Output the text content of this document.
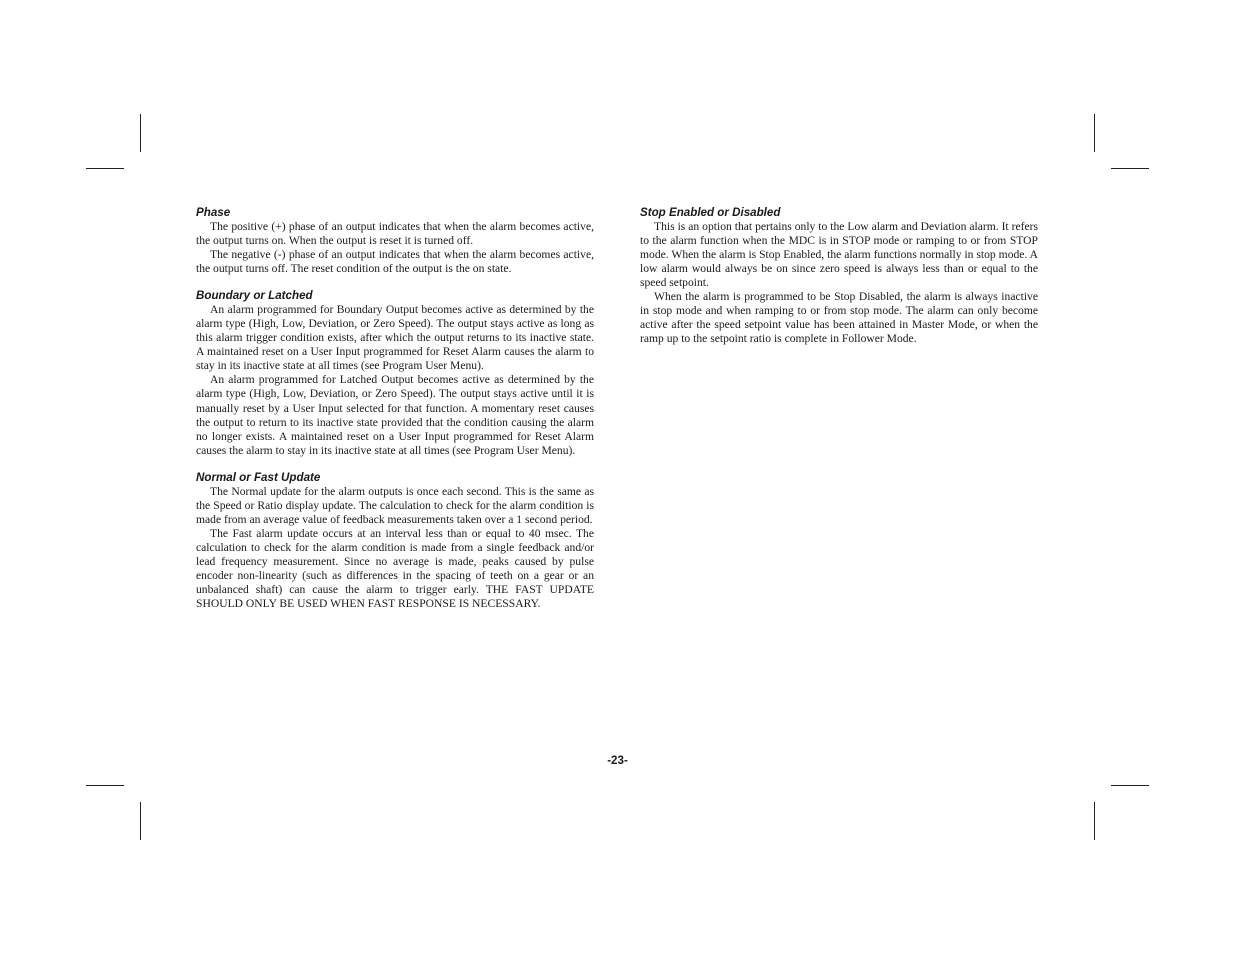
Phase

The positive (+) phase of an output indicates that when the alarm becomes active, the output turns on. When the output is reset it is turned off.

The negative (-) phase of an output indicates that when the alarm becomes active, the output turns off. The reset condition of the output is the on state.

Boundary or Latched

An alarm programmed for Boundary Output becomes active as determined by the alarm type (High, Low, Deviation, or Zero Speed). The output stays active as long as this alarm trigger condition exists, after which the output returns to its inactive state. A maintained reset on a User Input programmed for Reset Alarm causes the alarm to stay in its inactive state at all times (see Program User Menu).

An alarm programmed for Latched Output becomes active as determined by the alarm type (High, Low, Deviation, or Zero Speed). The output stays active until it is manually reset by a User Input selected for that function. A momentary reset causes the output to return to its inactive state provided that the condition causing the alarm no longer exists. A maintained reset on a User Input programmed for Reset Alarm causes the alarm to stay in its inactive state at all times (see Program User Menu).

Normal or Fast Update

The Normal update for the alarm outputs is once each second. This is the same as the Speed or Ratio display update. The calculation to check for the alarm condition is made from an average value of feedback measurements taken over a 1 second period.

The Fast alarm update occurs at an interval less than or equal to 40 msec. The calculation to check for the alarm condition is made from a single feedback and/or lead frequency measurement. Since no average is made, peaks caused by pulse encoder non-linearity (such as differences in the spacing of teeth on a gear or an unbalanced shaft) can cause the alarm to trigger early. THE FAST UPDATE SHOULD ONLY BE USED WHEN FAST RESPONSE IS NECESSARY.

Stop Enabled or Disabled

This is an option that pertains only to the Low alarm and Deviation alarm. It refers to the alarm function when the MDC is in STOP mode or ramping to or from STOP mode. When the alarm is Stop Enabled, the alarm functions normally in stop mode. A low alarm would always be on since zero speed is always less than or equal to the speed setpoint.

When the alarm is programmed to be Stop Disabled, the alarm is always inactive in stop mode and when ramping to or from stop mode. The alarm can only become active after the speed setpoint value has been attained in Master Mode, or when the ramp up to the setpoint ratio is complete in Follower Mode.

-23-
